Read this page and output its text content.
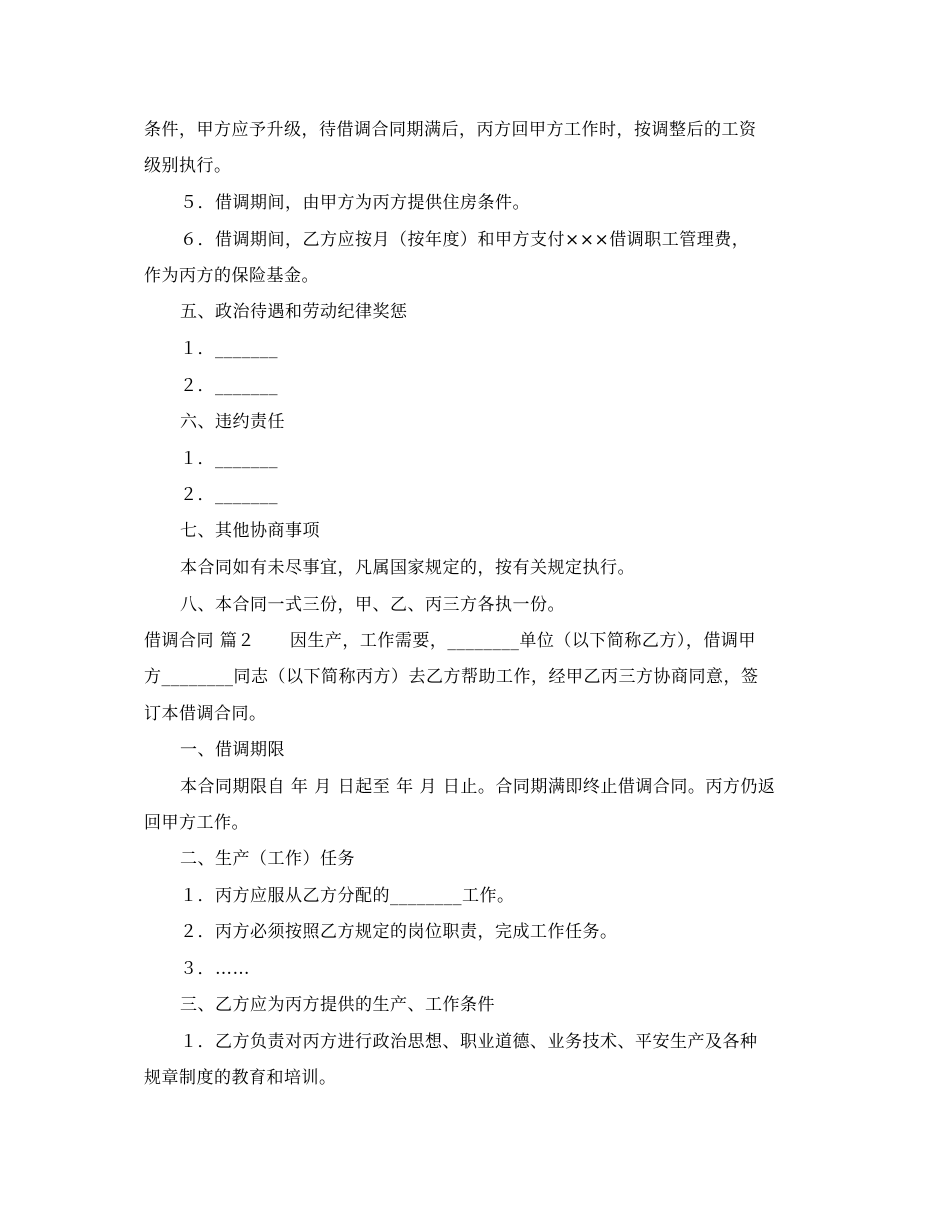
条件，甲方应予升级，待借调合同期满后，丙方回甲方工作时，按调整后的工资
级别执行。
５．借调期间，由甲方为丙方提供住房条件。
６．借调期间，乙方应按月（按年度）和甲方支付×××借调职工管理费，
作为丙方的保险基金。
五、政治待遇和劳动纪律奖惩
１．_______
２．_______
六、违约责任
１．_______
２．_______
七、其他协商事项
本合同如有未尽事宜，凡属国家规定的，按有关规定执行。
八、本合同一式三份，甲、乙、丙三方各执一份。
借调合同 篇２　　因生产，工作需要，________单位（以下简称乙方），借调甲
方________同志（以下简称丙方）去乙方帮助工作，经甲乙丙三方协商同意，签
订本借调合同。
一、借调期限
本合同期限自 年 月 日起至 年 月 日止。合同期满即终止借调合同。丙方仍返
回甲方工作。
二、生产（工作）任务
１．丙方应服从乙方分配的________工作。
２．丙方必须按照乙方规定的岗位职责，完成工作任务。
３．……
三、乙方应为丙方提供的生产、工作条件
１．乙方负责对丙方进行政治思想、职业道德、业务技术、平安生产及各种
规章制度的教育和培训。
